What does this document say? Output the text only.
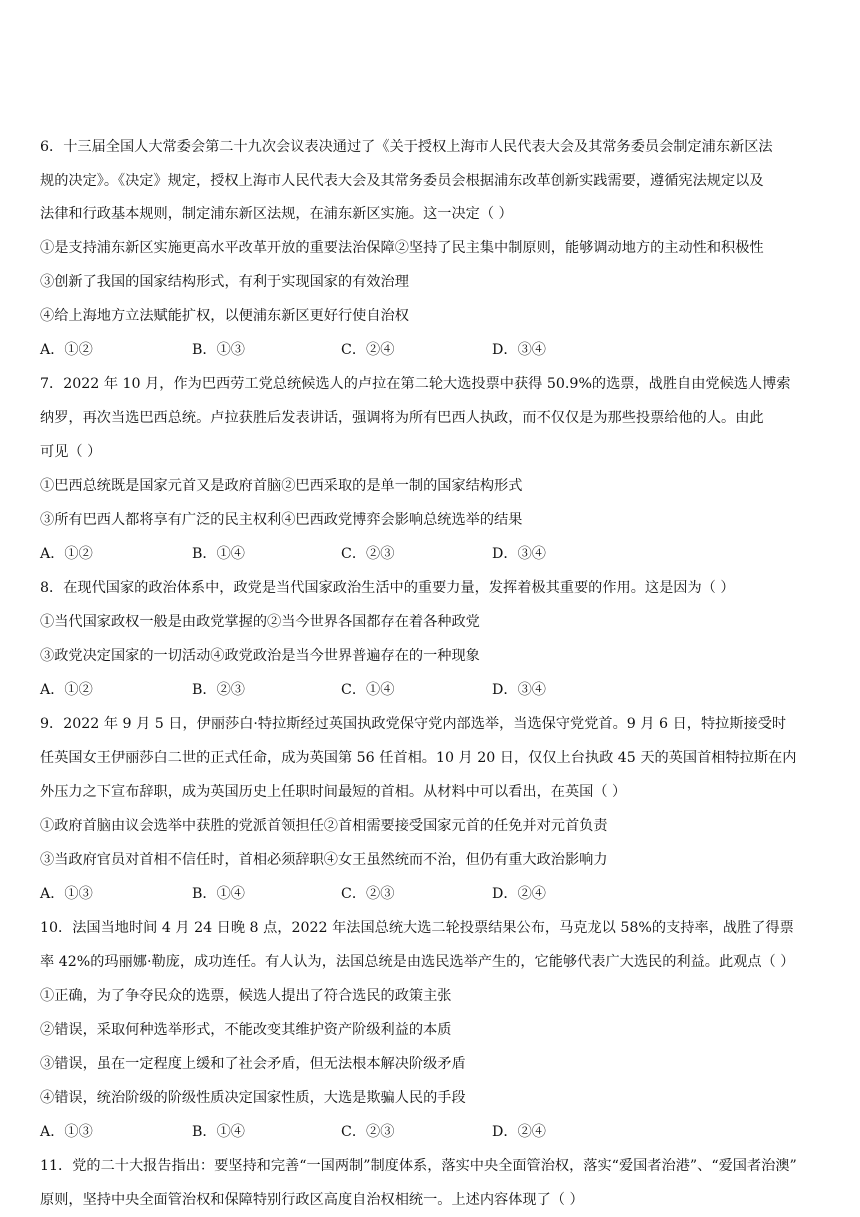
6．十三届全国人大常委会第二十九次会议表决通过了《关于授权上海市人民代表大会及其常务委员会制定浦东新区法
规的决定》。《决定》规定，授权上海市人民代表大会及其常务委员会根据浦东改革创新实践需要，遵循宪法规定以及
法律和行政基本规则，制定浦东新区法规，在浦东新区实施。这一决定（ ）
①是支持浦东新区实施更高水平改革开放的重要法治保障②坚持了民主集中制原则，能够调动地方的主动性和积极性
③创新了我国的国家结构形式，有利于实现国家的有效治理
④给上海地方立法赋能扩权，以便浦东新区更好行使自治权
A．①②	B．①③	C．②④	D．③④
7．2022 年 10 月，作为巴西劳工党总统候选人的卢拉在第二轮大选投票中获得 50.9%的选票，战胜自由党候选人博索
纳罗，再次当选巴西总统。卢拉获胜后发表讲话，强调将为所有巴西人执政，而不仅仅是为那些投票给他的人。由此
可见（ ）
①巴西总统既是国家元首又是政府首脑②巴西采取的是单一制的国家结构形式
③所有巴西人都将享有广泛的民主权利④巴西政党博弈会影响总统选举的结果
A．①②	B．①④	C．②③	D．③④
8．在现代国家的政治体系中，政党是当代国家政治生活中的重要力量，发挥着极其重要的作用。这是因为（ ）
①当代国家政权一般是由政党掌握的②当今世界各国都存在着各种政党
③政党决定国家的一切活动④政党政治是当今世界普遍存在的一种现象
A．①②	B．②③	C．①④	D．③④
9．2022 年 9 月 5 日，伊丽莎白·特拉斯经过英国执政党保守党内部选举，当选保守党党首。9 月 6 日，特拉斯接受时
任英国女王伊丽莎白二世的正式任命，成为英国第 56 任首相。10 月 20 日，仅仅上台执政 45 天的英国首相特拉斯在内
外压力之下宣布辞职，成为英国历史上任职时间最短的首相。从材料中可以看出，在英国（ ）
①政府首脑由议会选举中获胜的党派首领担任②首相需要接受国家元首的任免并对元首负责
③当政府官员对首相不信任时，首相必须辞职④女王虽然统而不治，但仍有重大政治影响力
A．①③	B．①④	C．②③	D．②④
10．法国当地时间 4 月 24 日晚 8 点，2022 年法国总统大选二轮投票结果公布，马克龙以 58%的支持率，战胜了得票
率 42%的玛丽娜·勒庞，成功连任。有人认为，法国总统是由选民选举产生的，它能够代表广大选民的利益。此观点（ ）
①正确，为了争夺民众的选票，候选人提出了符合选民的政策主张
②错误，采取何种选举形式，不能改变其维护资产阶级利益的本质
③错误，虽在一定程度上缓和了社会矛盾，但无法根本解决阶级矛盾
④错误，统治阶级的阶级性质决定国家性质，大选是欺骗人民的手段
A．①③	B．①④	C．②③	D．②④
11．党的二十大报告指出：要坚持和完善“一国两制”制度体系，落实中央全面管治权，落实“爱国者治港”、“爱国者治澳”
原则，坚持中央全面管治权和保障特别行政区高度自治权相统一。上述内容体现了（ ）
